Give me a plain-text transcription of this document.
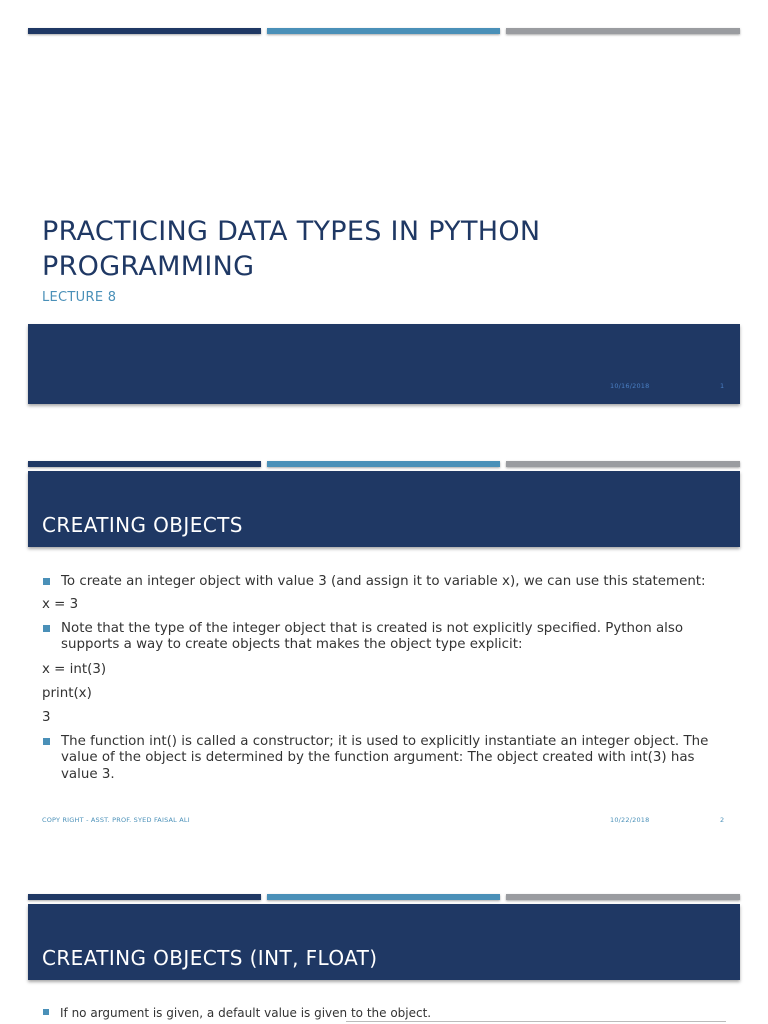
PRACTICING DATA TYPES IN PYTHON PROGRAMMING
LECTURE 8
10/16/2018	1
CREATING OBJECTS
To create an integer object with value 3 (and assign it to variable x), we can use this statement:
x = 3
Note that the type of the integer object that is created is not explicitly specified. Python also supports a way to create objects that makes the object type explicit:
x = int(3)
print(x)
3
The function int() is called a constructor; it is used to explicitly instantiate an integer object. The value of the object is determined by the function argument: The object created with int(3) has value 3.
COPY RIGHT - ASST. PROF. SYED FAISAL ALI	10/22/2018	2
CREATING OBJECTS (INT, FLOAT)
If no argument is given, a default value is given to the object.
